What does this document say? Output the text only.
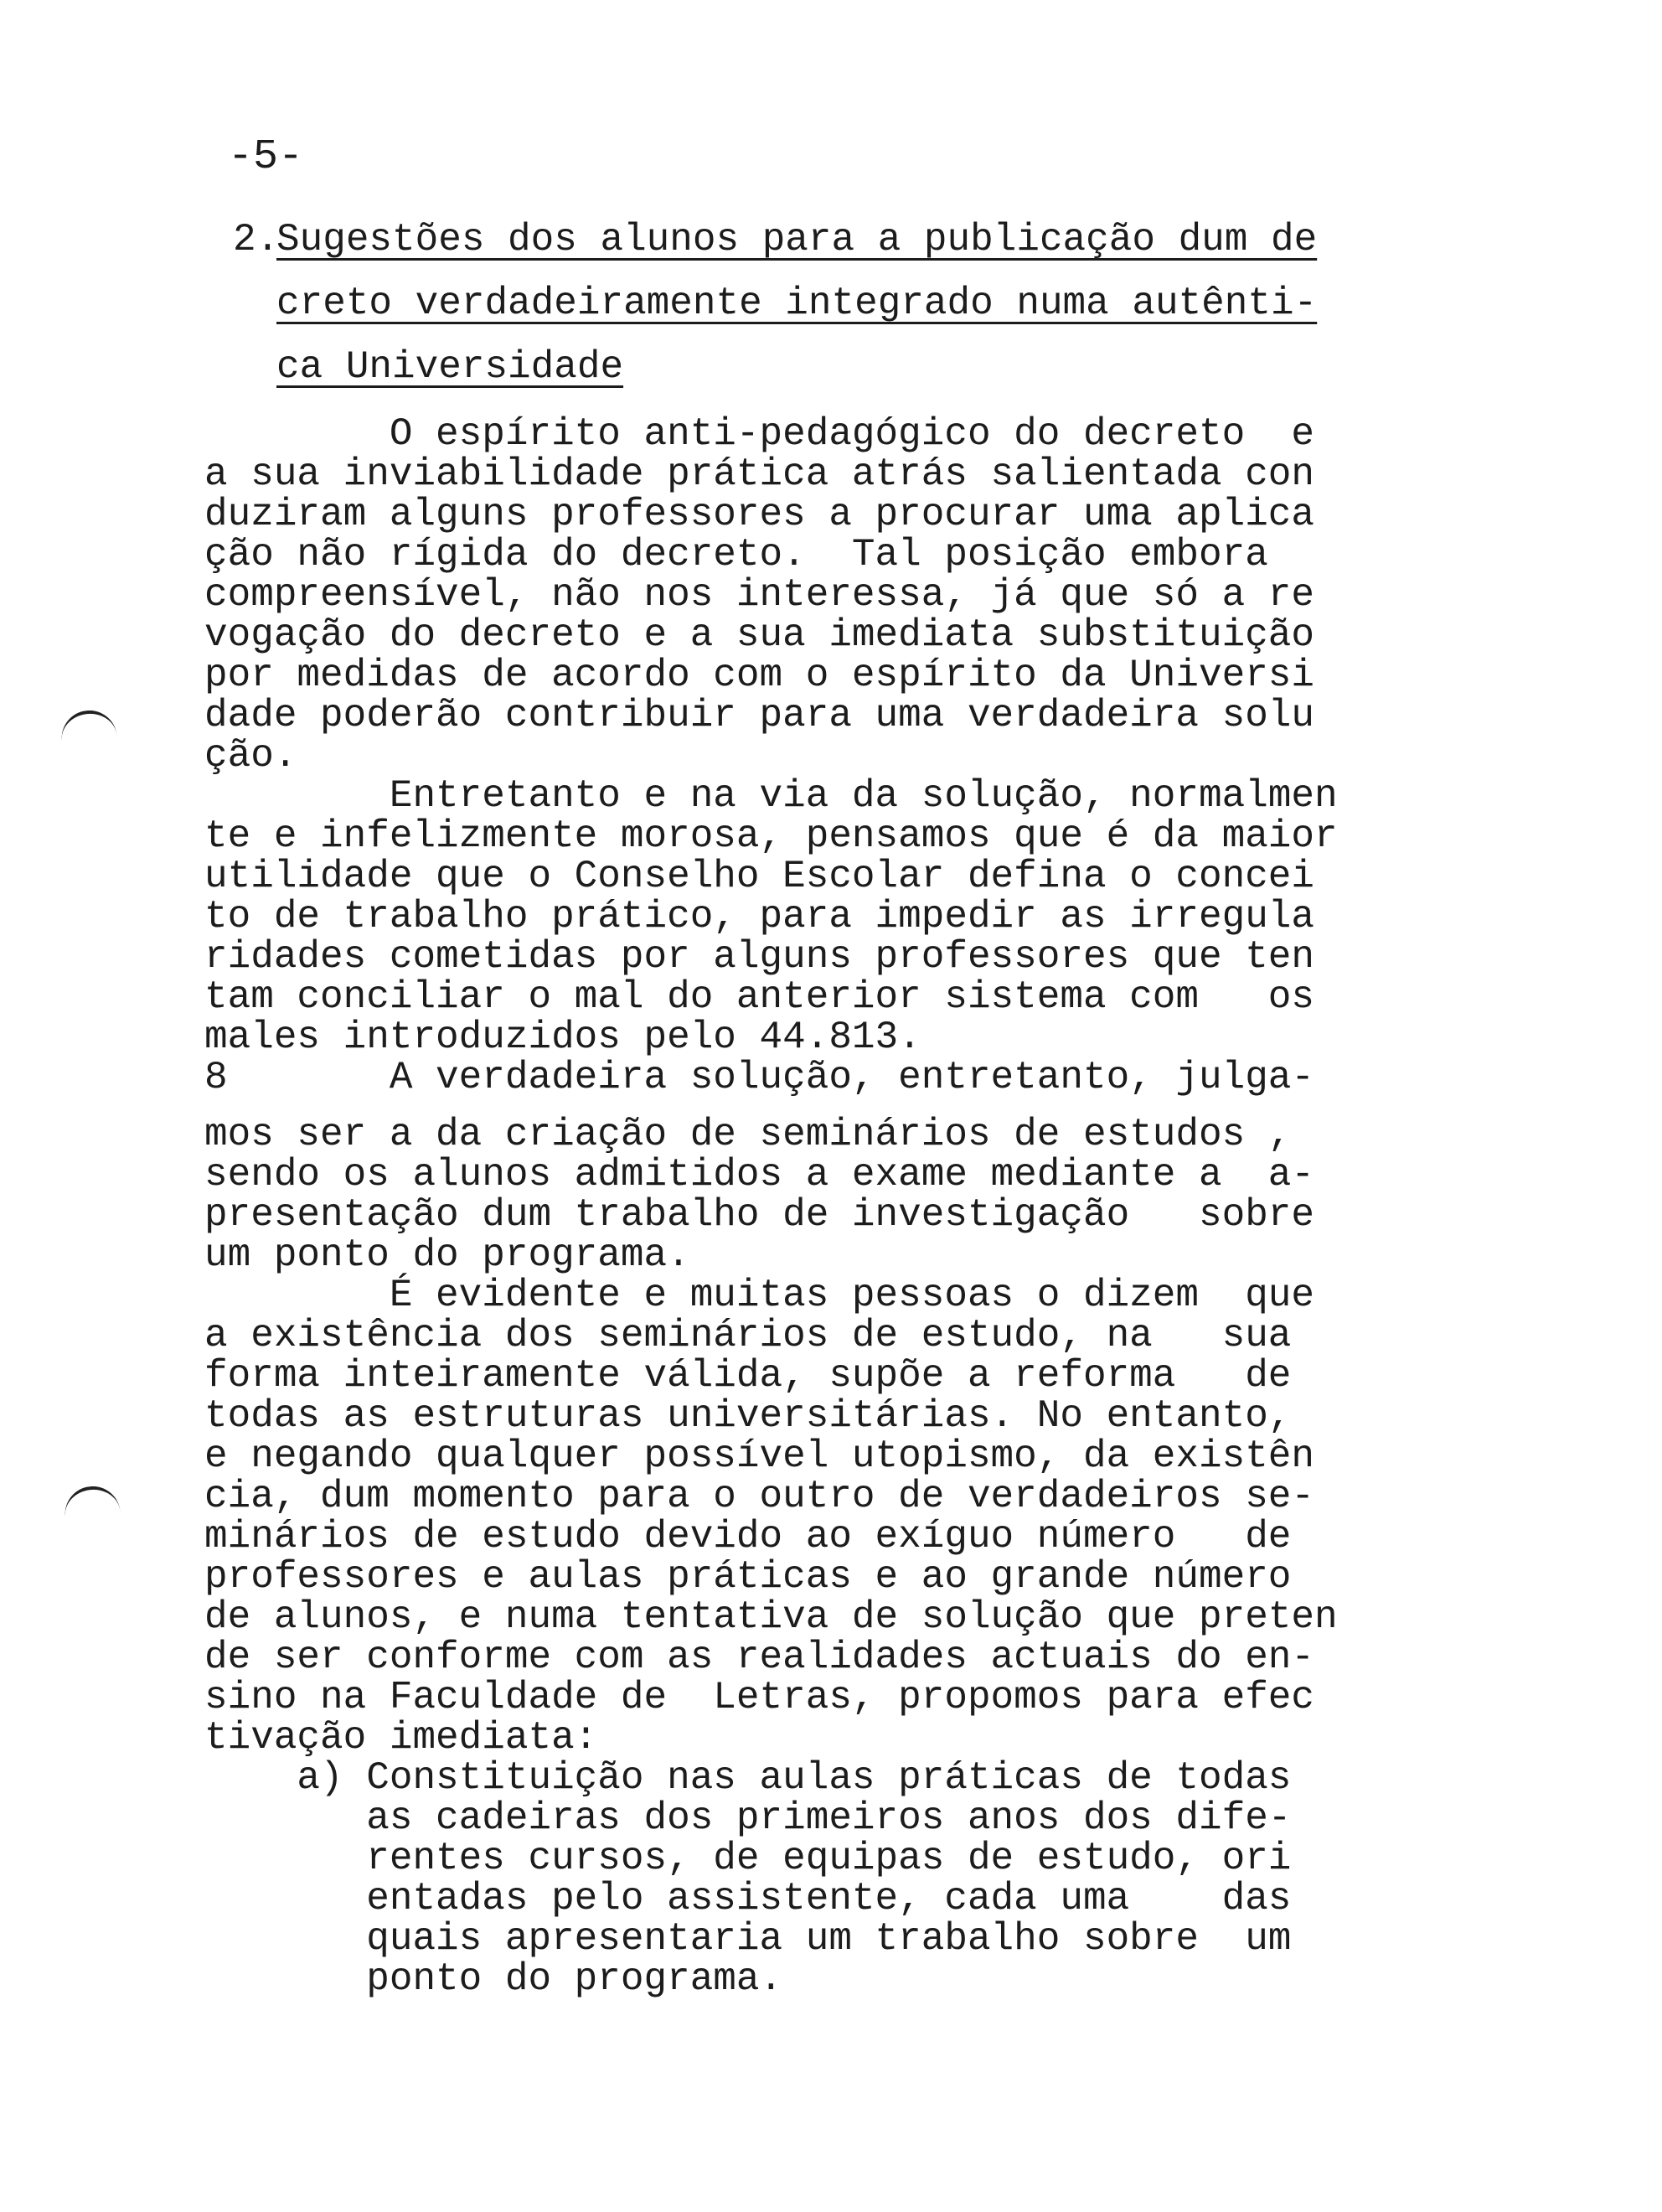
-5-
2.
Sugestões dos alunos para a publicação dum de
creto verdadeiramente integrado numa autênti-
ca Universidade
O espírito anti-pedagógico do decreto  e
a sua inviabilidade prática atrás salientada con
duziram alguns professores a procurar uma aplica
ção não rígida do decreto.  Tal posição embora
compreensível, não nos interessa, já que só a re
vogação do decreto e a sua imediata substituição
por medidas de acordo com o espírito da Universi
dade poderão contribuir para uma verdadeira solu
ção.
Entretanto e na via da solução, normalmen
te e infelizmente morosa, pensamos que é da maior
utilidade que o Conselho Escolar defina o concei
to de trabalho prático, para impedir as irregula
ridades cometidas por alguns professores que ten
tam conciliar o mal do anterior sistema com   os
males introduzidos pelo 44.813.
8       A verdadeira solução, entretanto, julga-
mos ser a da criação de seminários de estudos ,
sendo os alunos admitidos a exame mediante a  a-
presentação dum trabalho de investigação   sobre
um ponto do programa.
É evidente e muitas pessoas o dizem  que
a existência dos seminários de estudo, na   sua
forma inteiramente válida, supõe a reforma   de
todas as estruturas universitárias. No entanto,
e negando qualquer possível utopismo, da existên
cia, dum momento para o outro de verdadeiros se-
minários de estudo devido ao exíguo número   de
professores e aulas práticas e ao grande número
de alunos, e numa tentativa de solução que preten
de ser conforme com as realidades actuais do en-
sino na Faculdade de  Letras, propomos para efec
tivação imediata:
a) Constituição nas aulas práticas de todas
as cadeiras dos primeiros anos dos dife-
rentes cursos, de equipas de estudo, ori
entadas pelo assistente, cada uma    das
quais apresentaria um trabalho sobre  um
ponto do programa.
